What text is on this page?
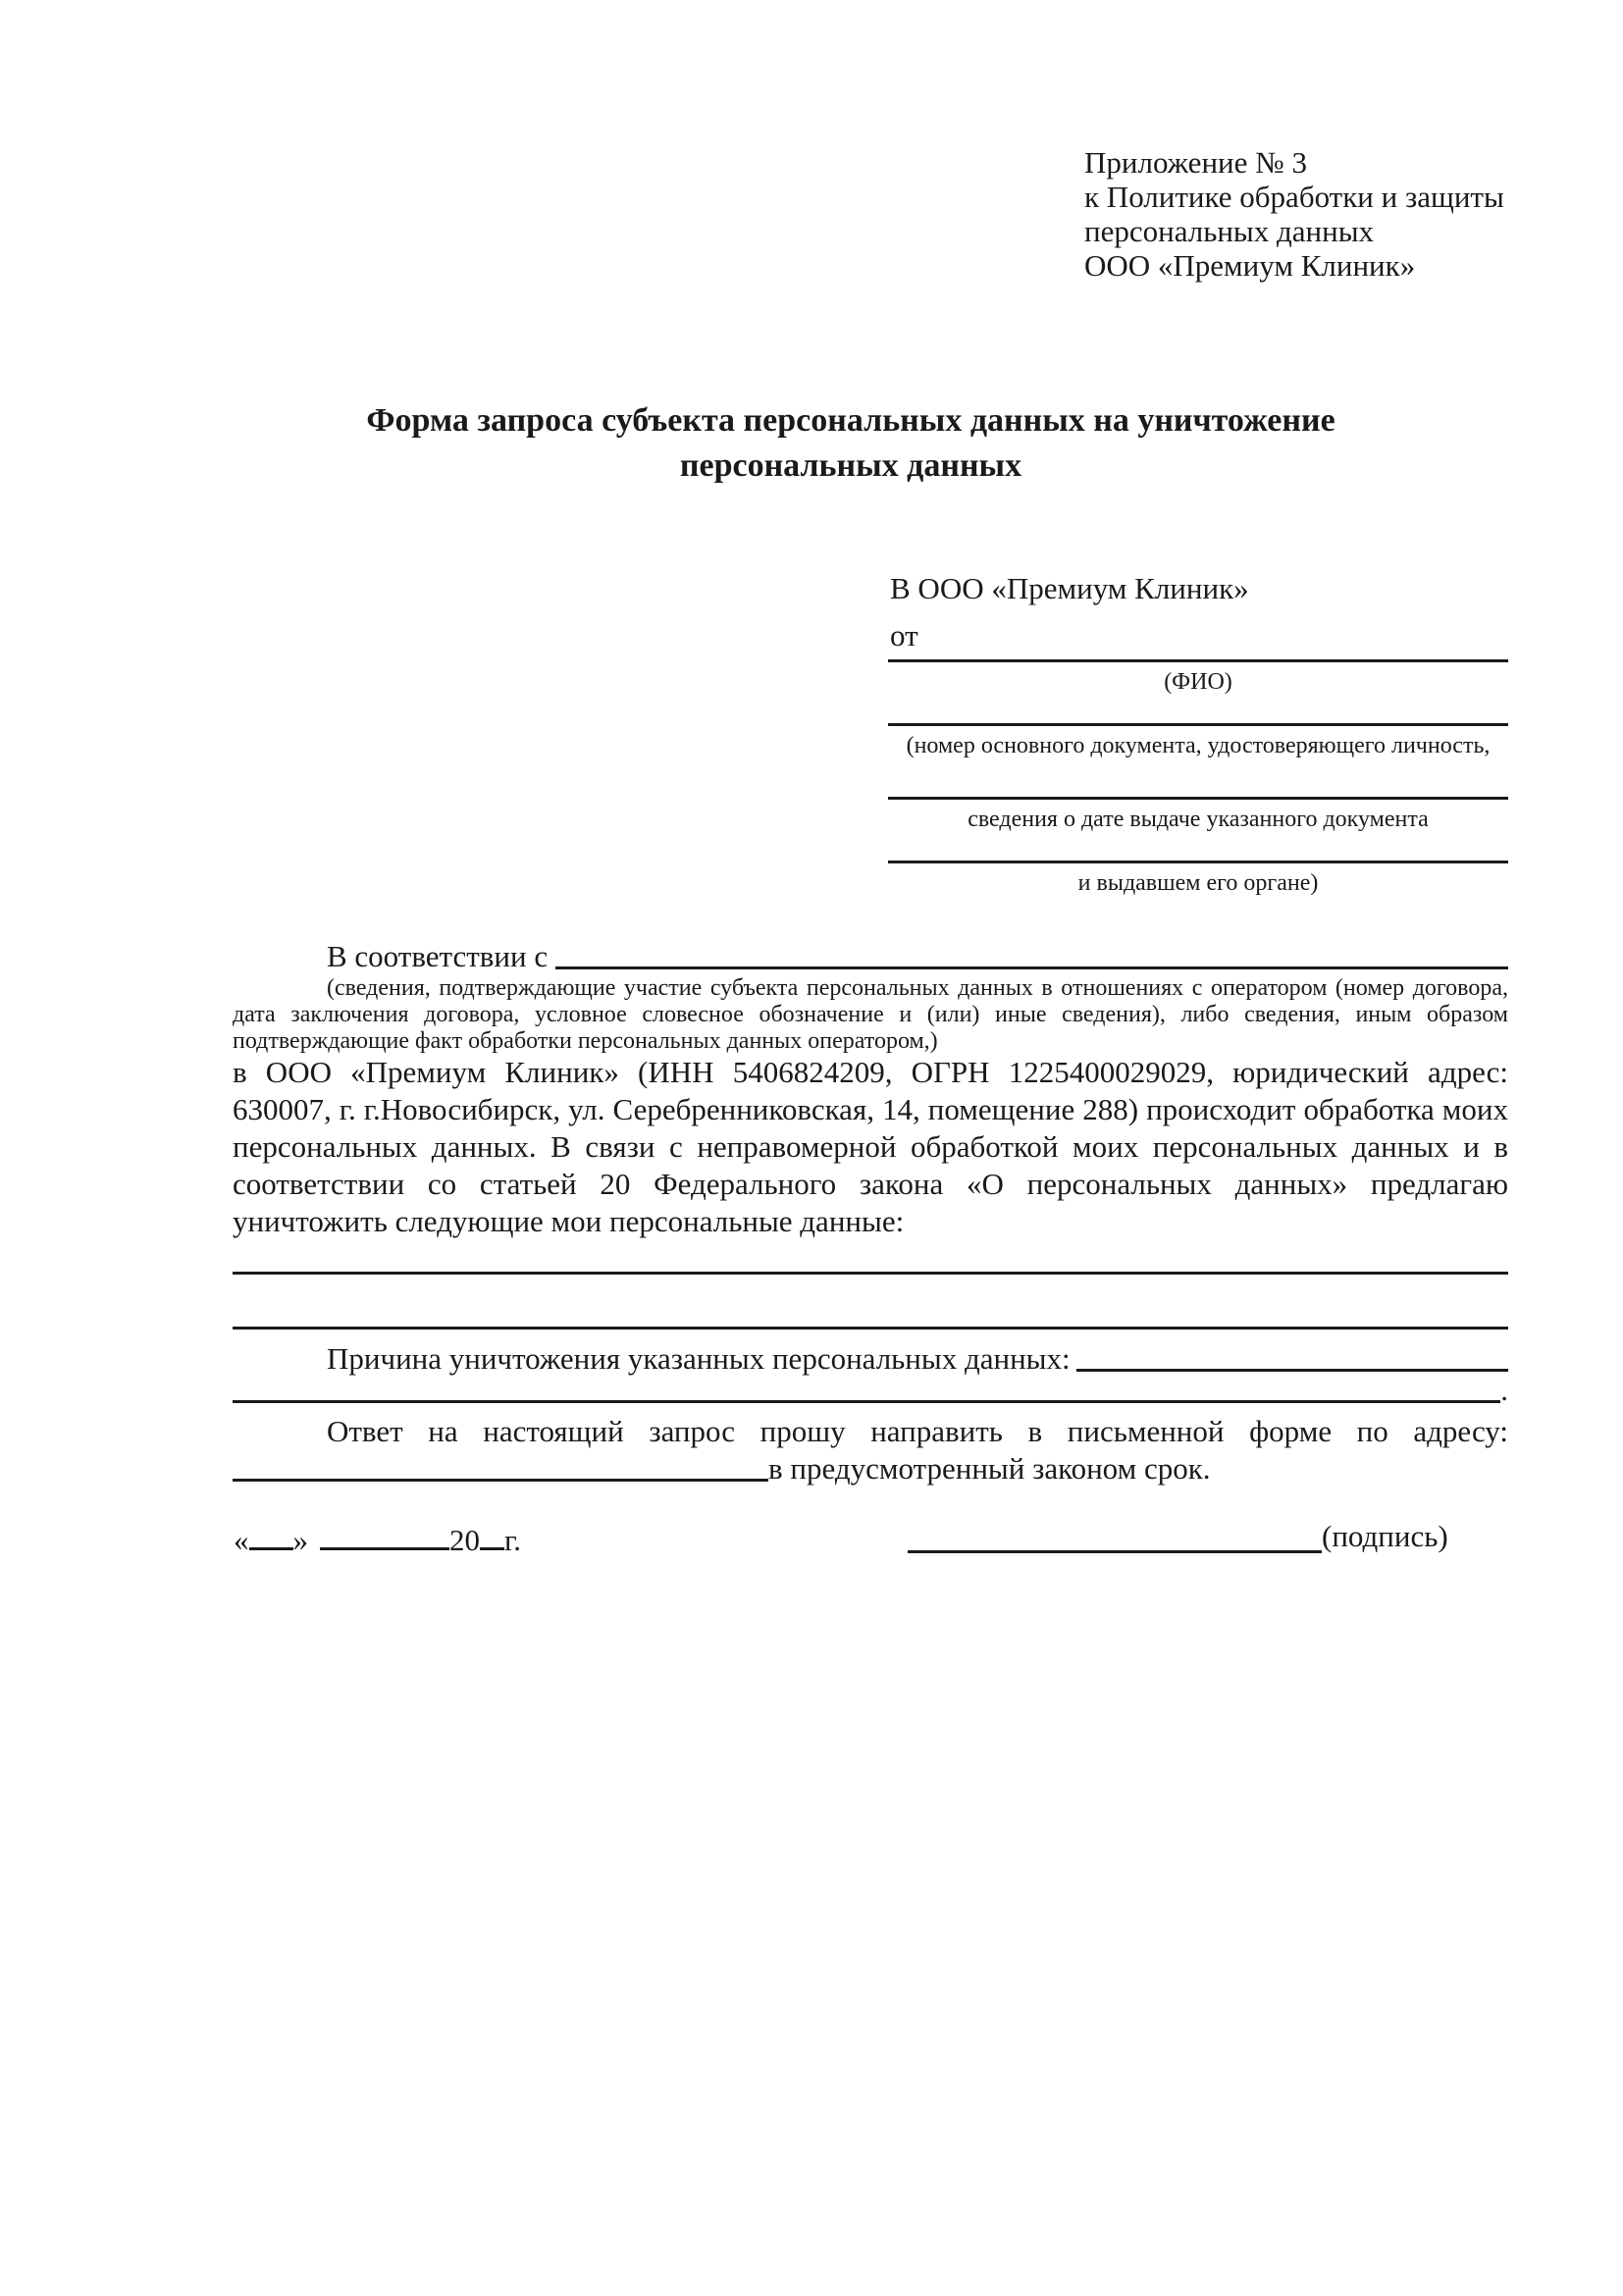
Приложение № 3
к Политике обработки и защиты
персональных данных
ООО «Премиум Клиник»
Форма запроса субъекта персональных данных на уничтожение персональных данных
В ООО «Премиум Клиник»
от
(ФИО)
(номер основного документа, удостоверяющего личность,
сведения о дате выдаче указанного документа
и выдавшем его органе)
В соответствии с
(сведения, подтверждающие участие субъекта персональных данных в отношениях с оператором (номер договора, дата заключения договора, условное словесное обозначение и (или) иные сведения), либо сведения, иным образом подтверждающие факт обработки персональных данных оператором,)
в ООО «Премиум Клиник» (ИНН 5406824209, ОГРН 1225400029029, юридический адрес: 630007, г. г.Новосибирск, ул. Серебренниковская, 14, помещение 288) происходит обработка моих персональных данных. В связи с неправомерной обработкой моих персональных данных и в соответствии со статьей 20 Федерального закона «О персональных данных» предлагаю уничтожить следующие мои персональные данные:
Причина уничтожения указанных персональных данных:
.
Ответ на настоящий запрос прошу направить в письменной форме по адресу:
в предусмотренный законом срок.
« »	20 г.	(подпись)
